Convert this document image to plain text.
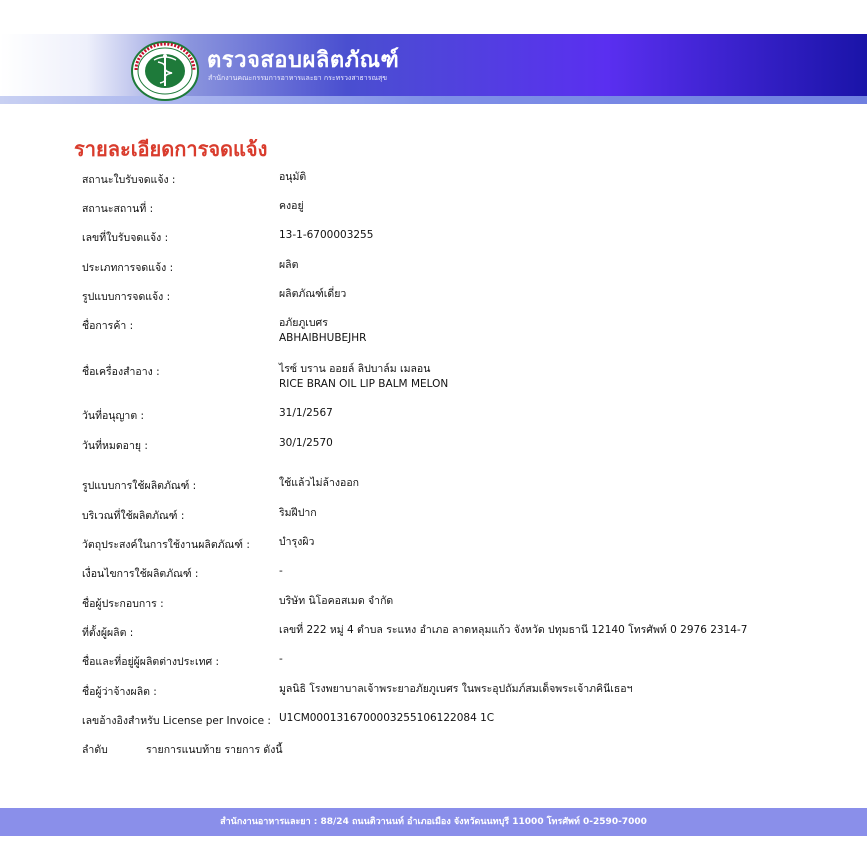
ตรวจสอบผลิตภัณฑ์
สำนักงานคณะกรรมการอาหารและยา กระทรวงสาธารณสุข
รายละเอียดการจดแจ้ง
สถานะใบรับจดแจ้ง :	อนุมัติ
สถานะสถานที่ :	คงอยู่
เลขที่ใบรับจดแจ้ง :	13-1-6700003255
ประเภทการจดแจ้ง :	ผลิต
รูปแบบการจดแจ้ง :	ผลิตภัณฑ์เดี่ยว
ชื่อการค้า :	อภัยภูเบศร
ABHAIBHUBEJHR
ชื่อเครื่องสำอาง :	ไรซ์ บราน ออยล์ ลิปบาล์ม เมลอน
RICE BRAN OIL LIP BALM MELON
วันที่อนุญาต :	31/1/2567
วันที่หมดอายุ :	30/1/2570
รูปแบบการใช้ผลิตภัณฑ์ :	ใช้แล้วไม่ล้างออก
บริเวณที่ใช้ผลิตภัณฑ์ :	ริมฝีปาก
วัตถุประสงค์ในการใช้งานผลิตภัณฑ์ :	บำรุงผิว
เงื่อนไขการใช้ผลิตภัณฑ์ :	-
ชื่อผู้ประกอบการ :	บริษัท นิโอคอสเมด จำกัด
ที่ตั้งผู้ผลิต :	เลขที่ 222 หมู่ 4 ตำบล ระแหง อำเภอ ลาดหลุมแก้ว จังหวัด ปทุมธานี 12140 โทรศัพท์ 0 2976 2314-7
ชื่อและที่อยู่ผู้ผลิตต่างประเทศ :	-
ชื่อผู้ว่าจ้างผลิต :	มูลนิธิ โรงพยาบาลเจ้าพระยาอภัยภูเบศร ในพระอุปถัมภ์สมเด็จพระเจ้าภคินีเธอฯ
เลขอ้างอิงสำหรับ License per Invoice : U1CM0001316700003255106122084 1C
ลำดับ	รายการแนบท้าย รายการ ดังนี้
สำนักงานอาหารและยา : 88/24 ถนนติวานนท์ อำเภอเมือง จังหวัดนนทบุรี 11000 โทรศัพท์ 0-2590-7000
